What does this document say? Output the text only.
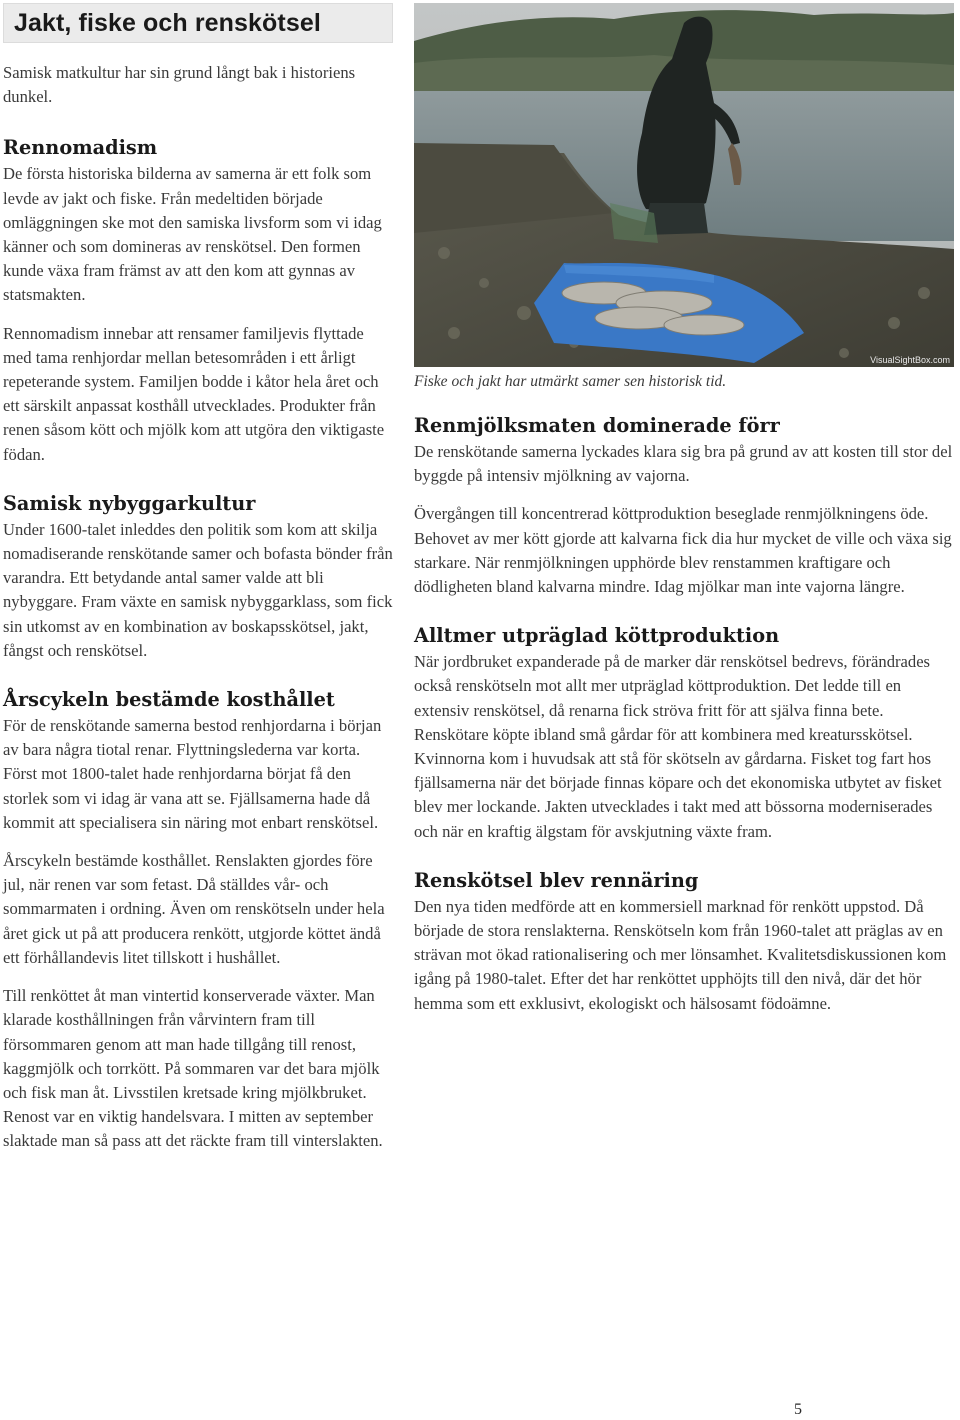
Jakt, fiske och renskötsel

Samisk matkultur har sin grund långt bak i historiens dunkel.

Rennomadism

De första historiska bilderna av samerna är ett folk som levde av jakt och fiske. Från medeltiden började omläggningen ske mot den samiska livsform som vi idag känner och som domineras av renskötsel. Den formen kunde växa fram främst av att den kom att gynnas av statsmakten.

Rennomadism innebar att rensamer familjevis flyttade med tama renhjordar mellan betesområden i ett årligt repeterande system. Familjen bodde i kåtor hela året och ett särskilt anpassat kosthåll utvecklades. Produkter från renen såsom kött och mjölk kom att utgöra den viktigaste födan.

Samisk nybyggarkultur

Under 1600-talet inleddes den politik som kom att skilja nomadiserande renskötande samer och bofasta bönder från varandra. Ett betydande antal samer valde att bli nybyggare. Fram växte en samisk nybyggarklass, som fick sin utkomst av en kombination av boskapsskötsel, jakt, fångst och renskötsel.

Årscykeln bestämde kosthållet

För de renskötande samerna bestod renhjordarna i början av bara några tiotal renar. Flyttningslederna var korta. Först mot 1800-talet hade renhjordarna börjat få den storlek som vi idag är vana att se. Fjällsamerna hade då kommit att specialisera sin näring mot enbart renskötsel.

Årscykeln bestämde kosthållet. Renslakten gjordes före jul, när renen var som fetast. Då ställdes vår- och sommarmaten i ordning. Även om renskötseln under hela året gick ut på att producera renkött, utgjorde köttet ändå ett förhållandevis litet tillskott i hushållet.

Till renköttet åt man vintertid konserverade växter. Man klarade kosthållningen från vårvintern fram till försommaren genom att man hade tillgång till renost, kaggmjölk och torrkött. På sommaren var det bara mjölk och fisk man åt. Livsstilen kretsade kring mjölkbruket. Renost var en viktig handelsvara. I mitten av september slaktade man så pass att det räckte fram till vinterslakten.

VisualSightBox.com

Fiske och jakt har utmärkt samer sen historisk tid.

Renmjölksmaten dominerade förr

De renskötande samerna lyckades klara sig bra på grund av att kosten till stor del byggde på intensiv mjölkning av vajorna.

Övergången till koncentrerad köttproduktion beseglade renmjölkningens öde. Behovet av mer kött gjorde att kalvarna fick dia hur mycket de ville och växa sig starkare. När renmjölkningen upphörde blev renstammen kraftigare och dödligheten bland kalvarna mindre. Idag mjölkar man inte vajorna längre.

Alltmer utpräglad köttproduktion

När jordbruket expanderade på de marker där renskötsel bedrevs, förändrades också renskötseln mot allt mer utpräglad köttproduktion. Det ledde till en extensiv renskötsel, då renarna fick ströva fritt för att själva finna bete. Renskötare köpte ibland små gårdar för att kombinera med kreatursskötsel. Kvinnorna kom i huvudsak att stå för skötseln av gårdarna. Fisket tog fart hos fjällsamerna när det började finnas köpare och det ekonomiska utbytet av fisket blev mer lockande. Jakten utvecklades i takt med att bössorna moderniserades och när en kraftig älgstam för avskjutning växte fram.

Renskötsel blev rennäring

Den nya tiden medförde att en kommersiell marknad för renkött uppstod. Då började de stora renslakterna. Renskötseln kom från 1960-talet att präglas av en strävan mot ökad rationalisering och mer lönsamhet. Kvalitetsdiskussionen kom igång på 1980-talet. Efter det har renköttet upphöjts till den nivå, där det hör hemma som ett exklusivt, ekologiskt och hälsosamt födoämne.

5
